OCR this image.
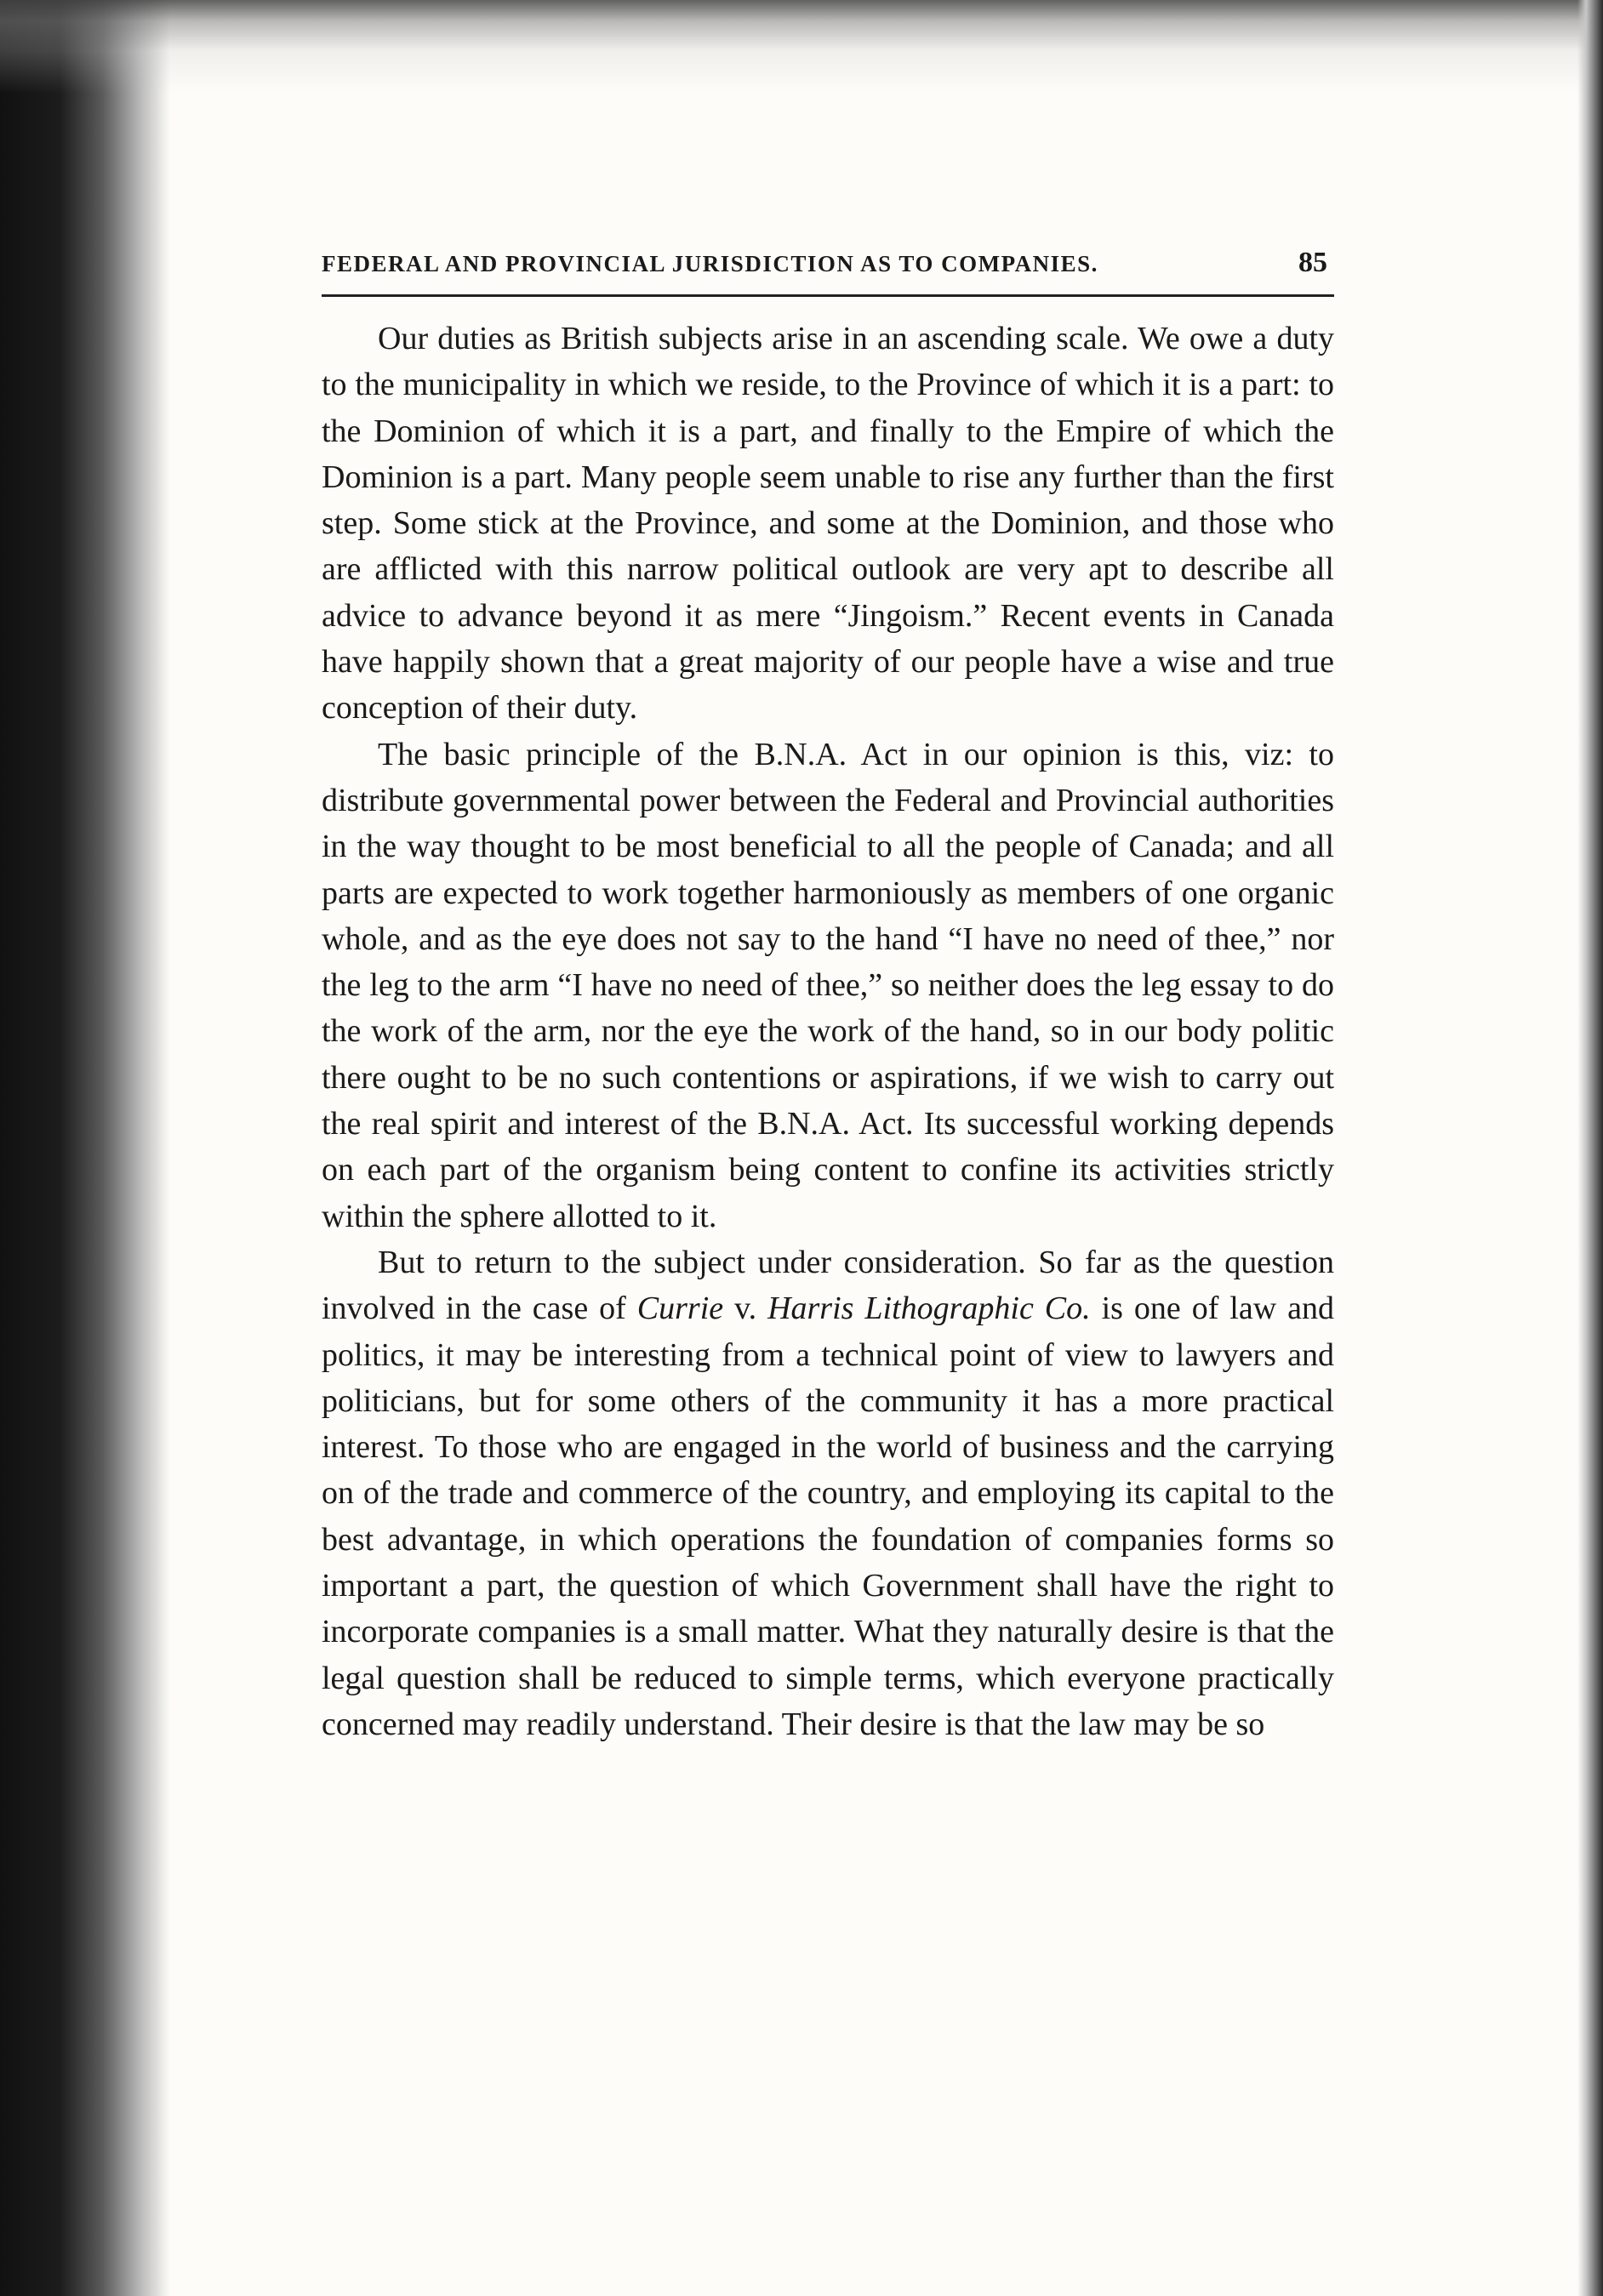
FEDERAL AND PROVINCIAL JURISDICTION AS TO COMPANIES.	85

Our duties as British subjects arise in an ascending scale. We owe a duty to the municipality in which we reside, to the Province of which it is a part: to the Dominion of which it is a part, and finally to the Empire of which the Dominion is a part. Many people seem unable to rise any further than the first step. Some stick at the Province, and some at the Dominion, and those who are afflicted with this narrow political outlook are very apt to describe all advice to advance beyond it as mere “Jingoism.” Recent events in Canada have happily shown that a great majority of our people have a wise and true conception of their duty.

The basic principle of the B.N.A. Act in our opinion is this, viz: to distribute governmental power between the Federal and Provincial authorities in the way thought to be most beneficial to all the people of Canada; and all parts are expected to work together harmoniously as members of one organic whole, and as the eye does not say to the hand “I have no need of thee,” nor the leg to the arm “I have no need of thee,” so neither does the leg essay to do the work of the arm, nor the eye the work of the hand, so in our body politic there ought to be no such contentions or aspirations, if we wish to carry out the real spirit and interest of the B.N.A. Act. Its successful working depends on each part of the organism being content to confine its activities strictly within the sphere allotted to it.

But to return to the subject under consideration. So far as the question involved in the case of Currie v. Harris Lithographic Co. is one of law and politics, it may be interesting from a technical point of view to lawyers and politicians, but for some others of the community it has a more practical interest. To those who are engaged in the world of business and the carrying on of the trade and commerce of the country, and employing its capital to the best advantage, in which operations the foundation of companies forms so important a part, the question of which Government shall have the right to incorporate companies is a small matter. What they naturally desire is that the legal question shall be reduced to simple terms, which everyone practically concerned may readily understand. Their desire is that the law may be so
